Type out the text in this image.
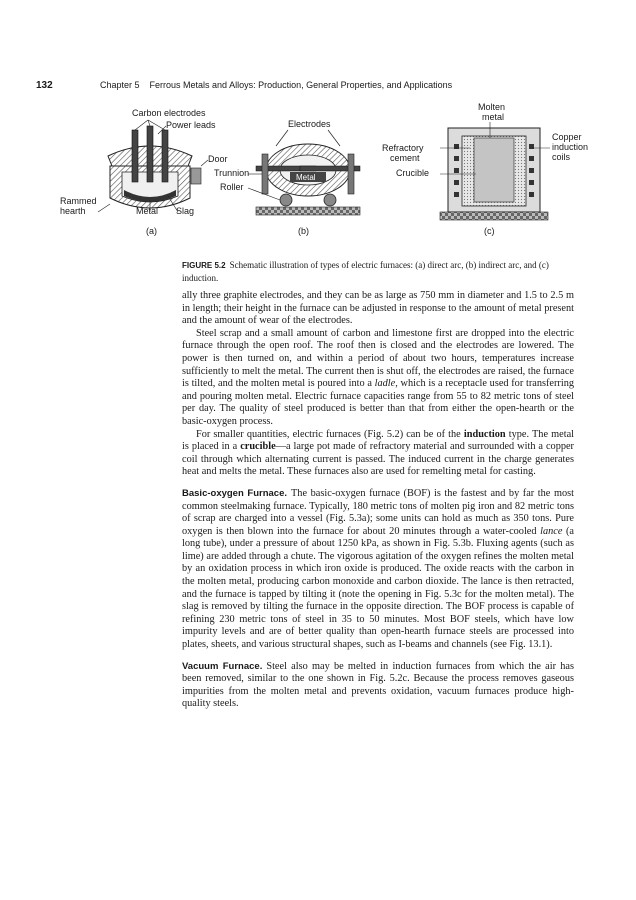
132	Chapter 5    Ferrous Metals and Alloys: Production, General Properties, and Applications
Carbon electrodes
Power leads
Door
Rammed
hearth	Metal Slag
(a)
Electrodes
Trunnion
Roller
Metal
(b)
Molten
metal
Refractory
cement
Crucible
Copper
induction
coils
(c)
FIGURE 5.2 Schematic illustration of types of electric furnaces: (a) direct arc, (b) indirect arc, and (c) induction.

ally three graphite electrodes, and they can be as large as 750 mm in diameter and 1.5 to 2.5 m in length; their height in the furnace can be adjusted in response to the amount of metal present and the amount of wear of the electrodes.

Steel scrap and a small amount of carbon and limestone first are dropped into the electric furnace through the open roof. The roof then is closed and the electrodes are lowered. The power is then turned on, and within a period of about two hours, temperatures increase sufficiently to melt the metal. The current then is shut off, the electrodes are raised, the furnace is tilted, and the molten metal is poured into a ladle, which is a receptacle used for transferring and pouring molten metal. Electric furnace capacities range from 55 to 82 metric tons of steel per day. The quality of steel produced is better than that from either the open-hearth or the basic-oxygen process.

For smaller quantities, electric furnaces (Fig. 5.2) can be of the induction type. The metal is placed in a crucible—a large pot made of refractory material and surrounded with a copper coil through which alternating current is passed. The induced current in the charge generates heat and melts the metal. These furnaces also are used for remelting metal for casting.

Basic-oxygen Furnace. The basic-oxygen furnace (BOF) is the fastest and by far the most common steelmaking furnace. Typically, 180 metric tons of molten pig iron and 82 metric tons of scrap are charged into a vessel (Fig. 5.3a); some units can hold as much as 350 tons. Pure oxygen is then blown into the furnace for about 20 minutes through a water-cooled lance (a long tube), under a pressure of about 1250 kPa, as shown in Fig. 5.3b. Fluxing agents (such as lime) are added through a chute. The vigorous agitation of the oxygen refines the molten metal by an oxidation process in which iron oxide is produced. The oxide reacts with the carbon in the molten metal, producing carbon monoxide and carbon dioxide. The lance is then retracted, and the furnace is tapped by tilting it (note the opening in Fig. 5.3c for the molten metal). The slag is removed by tilting the furnace in the opposite direction. The BOF process is capable of refining 230 metric tons of steel in 35 to 50 minutes. Most BOF steels, which have low impurity levels and are of better quality than open-hearth furnace steels are processed into plates, sheets, and various structural shapes, such as I-beams and channels (see Fig. 13.1).

Vacuum Furnace. Steel also may be melted in induction furnaces from which the air has been removed, similar to the one shown in Fig. 5.2c. Because the process removes gaseous impurities from the molten metal and prevents oxidation, vacuum furnaces produce high-quality steels.
